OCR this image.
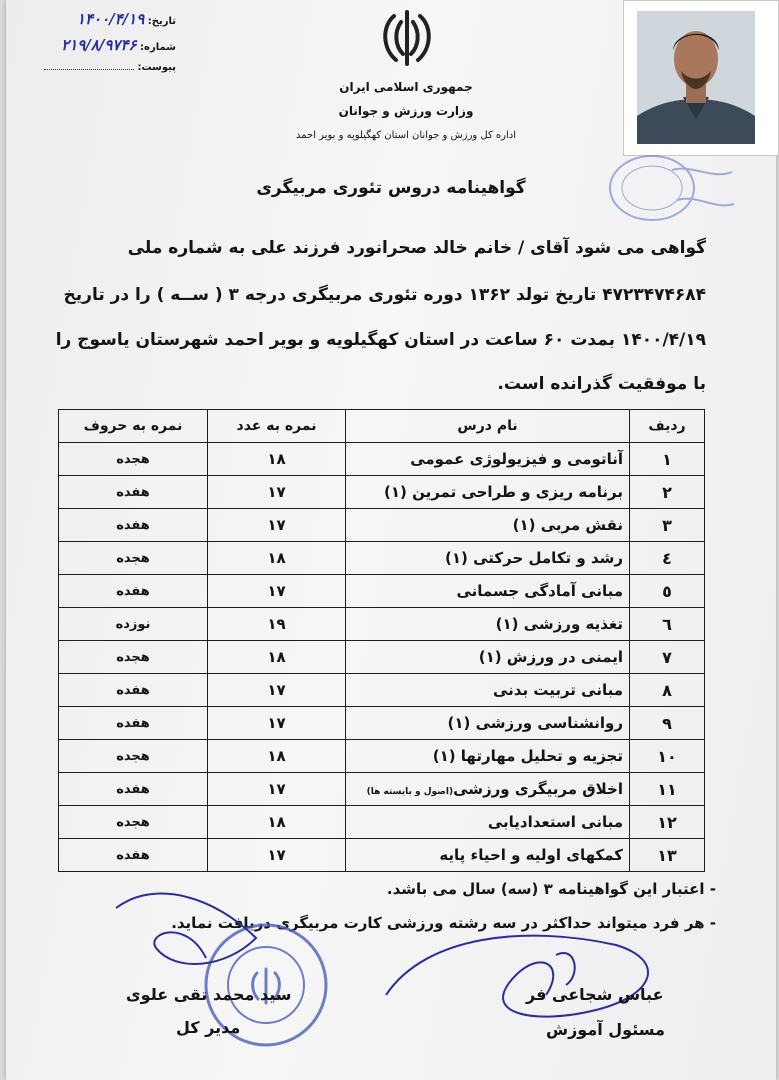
تاریخ: ۱۴۰۰/۴/۱۹
شماره: ۲۱۹/۸/۹۷۴۶
پیوست:
جمهوری اسلامی ایران
وزارت ورزش و جوانان
اداره کل ورزش و جوانان استان کهگیلویه و بویر احمد
گواهینامه دروس تئوری مربیگری
گواهی می شود آقای / خانم خالد صحرانورد فرزند علی به شماره ملی
۴۷۲۳۴۷۴۶۸۴ تاریخ تولد ۱۳۶۲ دوره تئوری مربیگری درجه ۳ ( ســه ) را در تاریخ
۱۴۰۰/۴/۱۹ بمدت ۶۰ ساعت در استان کهگیلویه و بویر احمد شهرستان یاسوج را
با موفقیت گذرانده است.
ردیف	نام درس	نمره به عدد	نمره به حروف
۱	آناتومی و فیزیولوژی عمومی	۱۸	هجده
۲	برنامه ریزی و طراحی تمرین (۱)	۱۷	هفده
۳	نقش مربی (۱)	۱۷	هفده
٤	رشد و تکامل حرکتی (۱)	۱۸	هجده
٥	مبانی آمادگی جسمانی	۱۷	هفده
٦	تغذیه ورزشی (۱)	۱۹	نوزده
۷	ایمنی در ورزش (۱)	۱۸	هجده
۸	مبانی تربیت بدنی	۱۷	هفده
۹	روانشناسی ورزشی (۱)	۱۷	هفده
۱۰	تجزیه و تحلیل مهارتها (۱)	۱۸	هجده
۱۱	اخلاق مربیگری ورزشی(اصول و بایسته ها)	۱۷	هفده
۱۲	مبانی استعدادیابی	۱۸	هجده
۱۳	کمکهای اولیه و احیاء پایه	۱۷	هفده
- اعتبار این گواهینامه ۳ (سه) سال می باشد.
- هر فرد میتواند حداکثر در سه رشته ورزشی کارت مربیگری دریافت نماید.
سید محمد تقی علوی
مدیر کل
عباس شجاعی فر
مسئول آموزش
